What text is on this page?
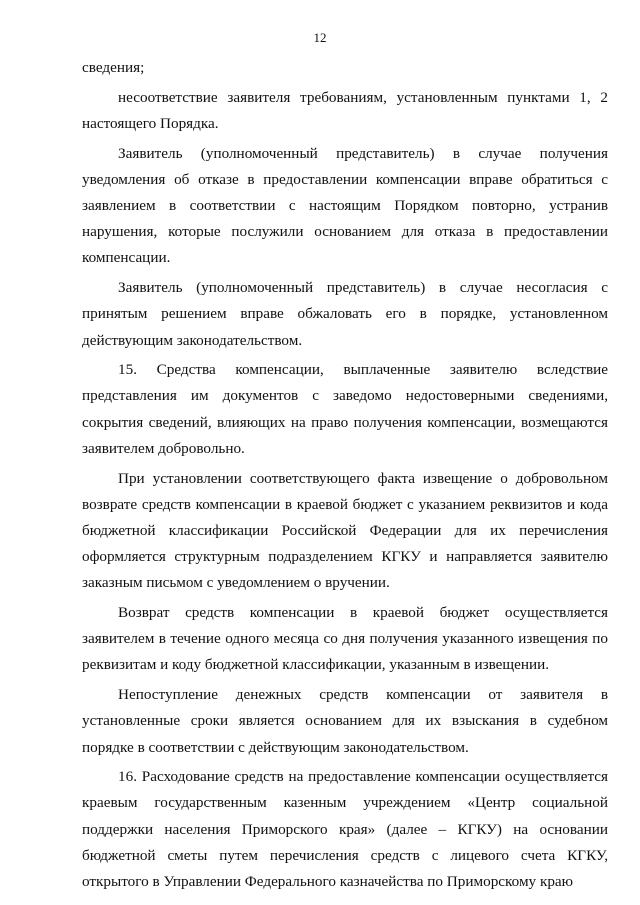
12

сведения;

несоответствие заявителя требованиям, установленным пунктами 1, 2 настоящего Порядка.

Заявитель (уполномоченный представитель) в случае получения уведомления об отказе в предоставлении компенсации вправе обратиться с заявлением в соответствии с настоящим Порядком повторно, устранив нарушения, которые послужили основанием для отказа в предоставлении компенсации.

Заявитель (уполномоченный представитель) в случае несогласия с принятым решением вправе обжаловать его в порядке, установленном действующим законодательством.

15. Средства компенсации, выплаченные заявителю вследствие представления им документов с заведомо недостоверными сведениями, сокрытия сведений, влияющих на право получения компенсации, возмещаются заявителем добровольно.

При установлении соответствующего факта извещение о добровольном возврате средств компенсации в краевой бюджет с указанием реквизитов и кода бюджетной классификации Российской Федерации для их перечисления оформляется структурным подразделением КГКУ и направляется заявителю заказным письмом с уведомлением о вручении.

Возврат средств компенсации в краевой бюджет осуществляется заявителем в течение одного месяца со дня получения указанного извещения по реквизитам и коду бюджетной классификации, указанным в извещении.

Непоступление денежных средств компенсации от заявителя в установленные сроки является основанием для их взыскания в судебном порядке в соответствии с действующим законодательством.

16. Расходование средств на предоставление компенсации осуществляется краевым государственным казенным учреждением «Центр социальной поддержки населения Приморского края» (далее – КГКУ) на основании бюджетной сметы путем перечисления средств с лицевого счета КГКУ, открытого в Управлении Федерального казначейства по Приморскому краю
